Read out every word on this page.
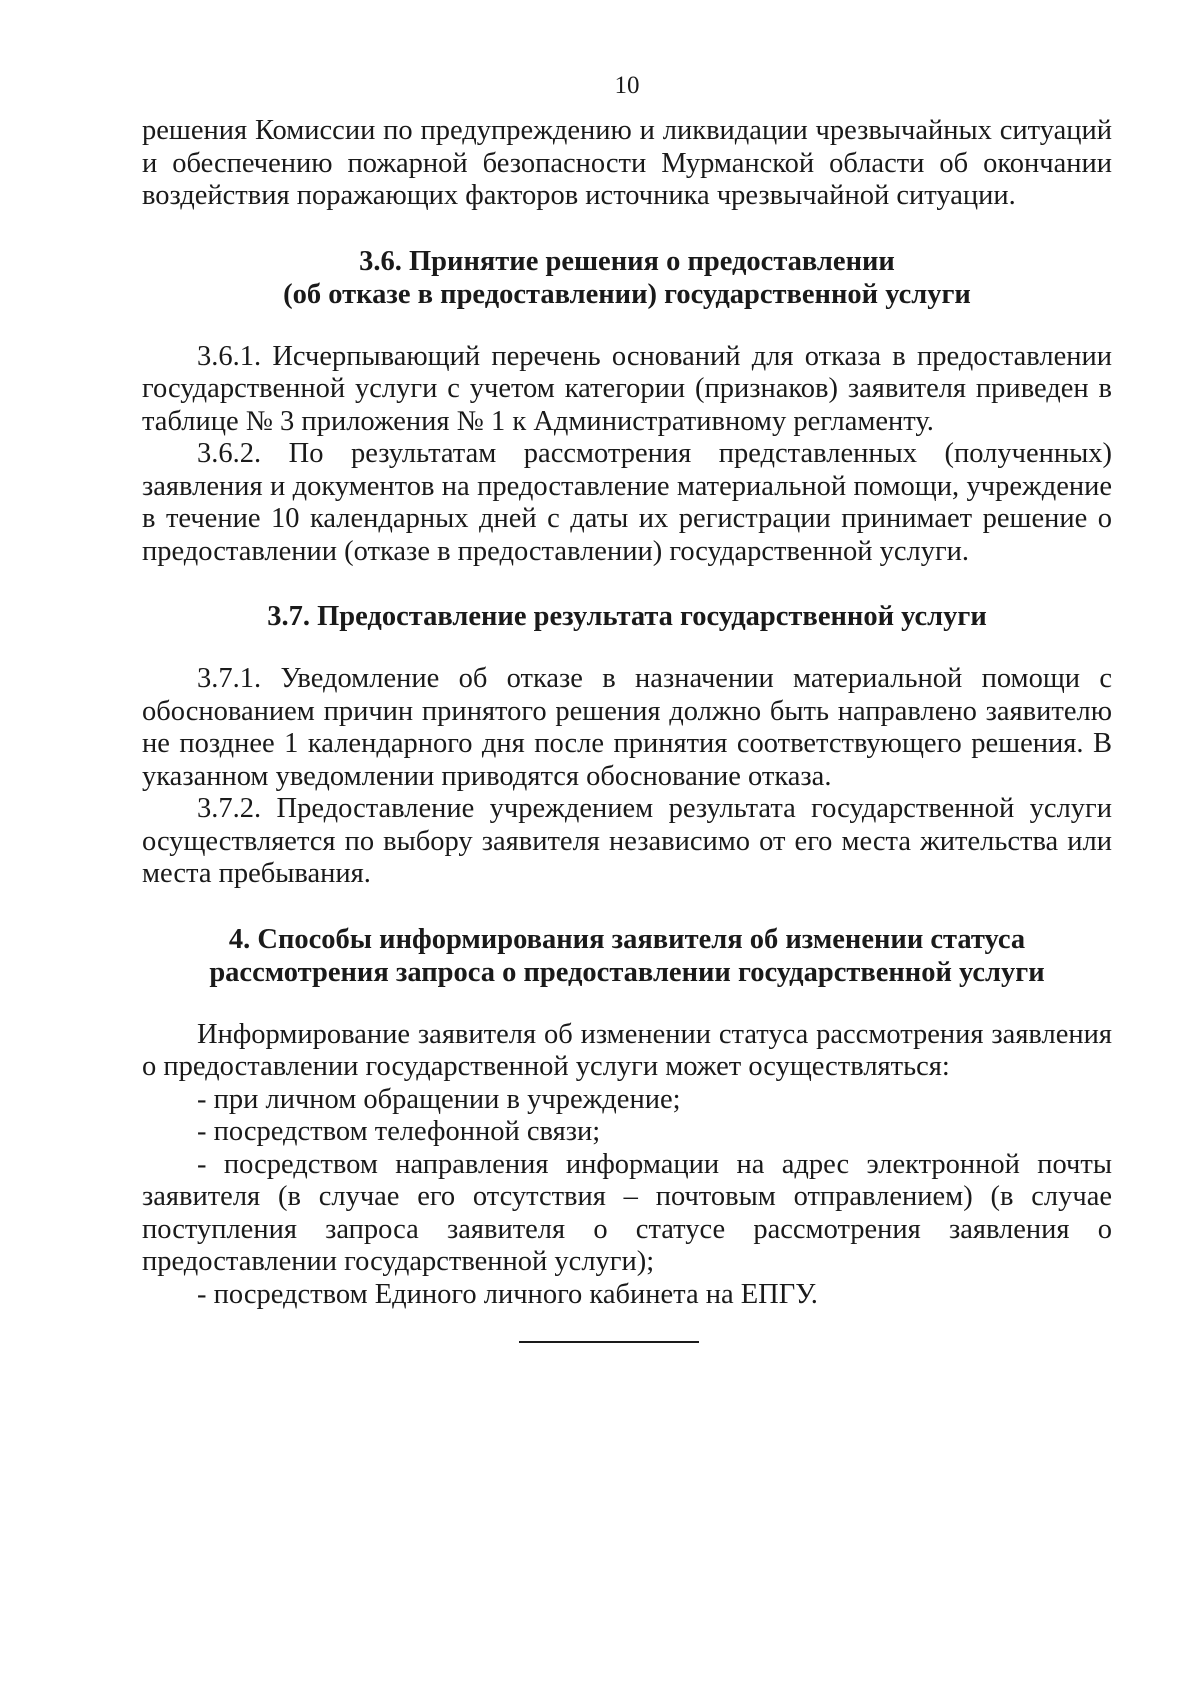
10

решения Комиссии по предупреждению и ликвидации чрезвычайных ситуаций и обеспечению пожарной безопасности Мурманской области об окончании воздействия поражающих факторов источника чрезвычайной ситуации.

3.6. Принятие решения о предоставлении
(об отказе в предоставлении) государственной услуги

3.6.1. Исчерпывающий перечень оснований для отказа в предоставлении государственной услуги с учетом категории (признаков) заявителя приведен в таблице № 3 приложения № 1 к Административному регламенту.

3.6.2. По результатам рассмотрения представленных (полученных) заявления и документов на предоставление материальной помощи, учреждение в течение 10 календарных дней с даты их регистрации принимает решение о предоставлении (отказе в предоставлении) государственной услуги.

3.7. Предоставление результата государственной услуги

3.7.1. Уведомление об отказе в назначении материальной помощи с обоснованием причин принятого решения должно быть направлено заявителю не позднее 1 календарного дня после принятия соответствующего решения. В указанном уведомлении приводятся обоснование отказа.

3.7.2. Предоставление учреждением результата государственной услуги осуществляется по выбору заявителя независимо от его места жительства или места пребывания.

4. Способы информирования заявителя об изменении статуса
рассмотрения запроса о предоставлении государственной услуги

Информирование заявителя об изменении статуса рассмотрения заявления о предоставлении государственной услуги может осуществляться:

- при личном обращении в учреждение;

- посредством телефонной связи;

- посредством направления информации на адрес электронной почты заявителя (в случае его отсутствия – почтовым отправлением) (в случае поступления запроса заявителя о статусе рассмотрения заявления о предоставлении государственной услуги);

- посредством Единого личного кабинета на ЕПГУ.
